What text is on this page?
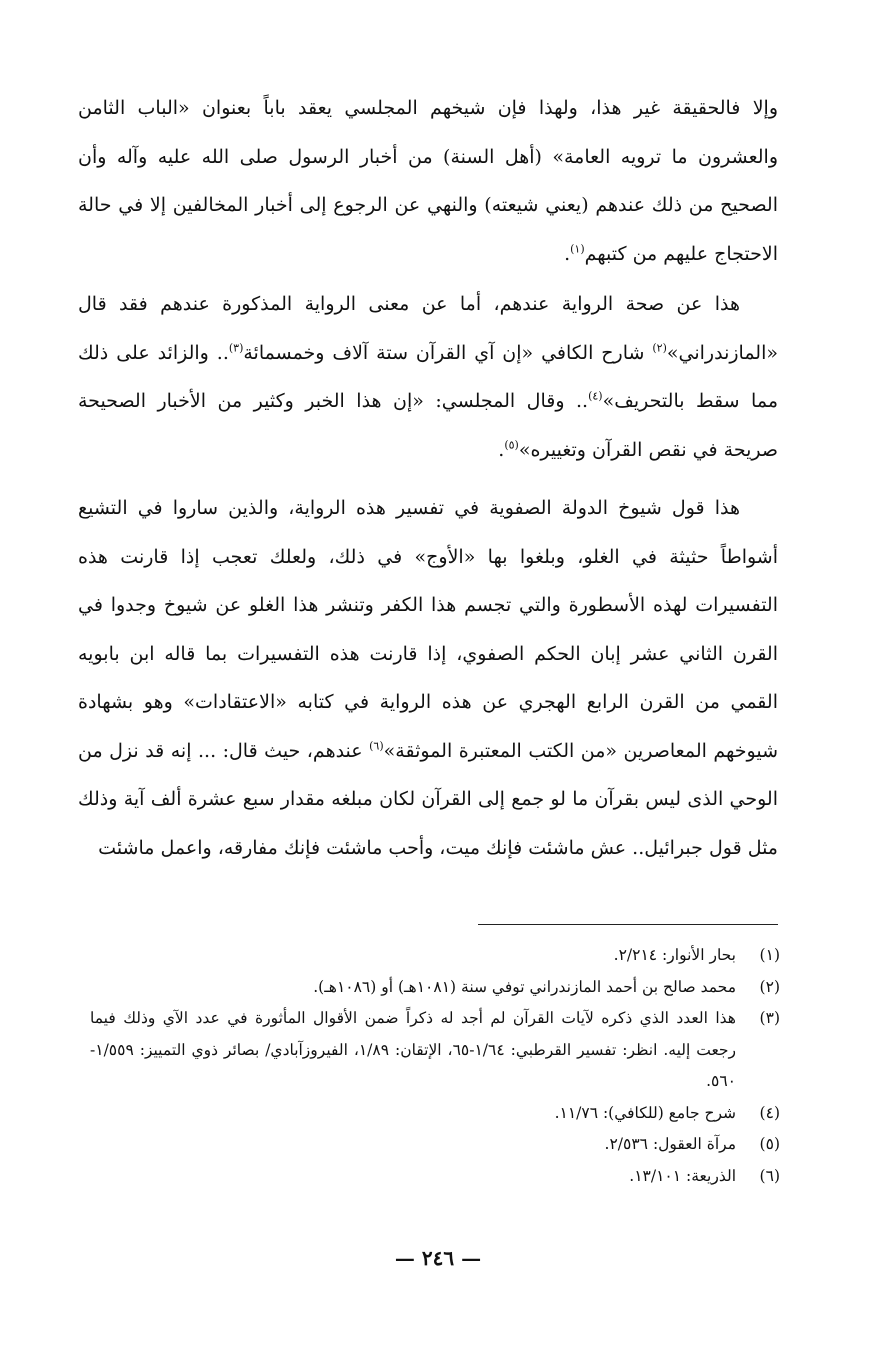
وإلا فالحقيقة غير هذا، ولهذا فإن شيخهم المجلسي يعقد باباً بعنوان «الباب الثامن والعشرون ما ترويه العامة» (أهل السنة) من أخبار الرسول صلى الله عليه وآله وأن الصحيح من ذلك عندهم (يعني شيعته) والنهي عن الرجوع إلى أخبار المخالفين إلا في حالة الاحتجاج عليهم من كتبهم$^{(١)}$.

هذا عن صحة الرواية عندهم، أما عن معنى الرواية المذكورة عندهم فقد قال «المازندراني»$^{(٢)}$ شارح الكافي «إن آي القرآن ستة آلاف وخمسمائة$^{(٣)}$.. والزائد على ذلك مما سقط بالتحريف»$^{(٤)}$.. وقال المجلسي: «إن هذا الخبر وكثير من الأخبار الصحيحة صريحة في نقص القرآن وتغييره»$^{(٥)}$.

هذا قول شيوخ الدولة الصفوية في تفسير هذه الرواية، والذين ساروا في التشيع أشواطاً حثيثة في الغلو، وبلغوا بها «الأوج» في ذلك، ولعلك تعجب إذا قارنت هذه التفسيرات لهذه الأسطورة والتي تجسم هذا الكفر وتنشر هذا الغلو عن شيوخ وجدوا في القرن الثاني عشر إبان الحكم الصفوي، إذا قارنت هذه التفسيرات بما قاله ابن بابويه القمي من القرن الرابع الهجري عن هذه الرواية في كتابه «الاعتقادات» وهو بشهادة شيوخهم المعاصرين «من الكتب المعتبرة الموثقة»$^{(٦)}$ عندهم، حيث قال: ... إنه قد نزل من الوحي الذى ليس بقرآن ما لو جمع إلى القرآن لكان مبلغه مقدار سبع عشرة ألف آية وذلك مثل قول جبرائيل.. عش ماشئت فإنك ميت، وأحب ماشئت فإنك مفارقه، واعمل ماشئت

(١)
بحار الأنوار: ٢/٢١٤.
(٢)
محمد صالح بن أحمد المازندراني توفي سنة (١٠٨١هـ) أو (١٠٨٦هـ).
(٣)
هذا العدد الذي ذكره لآيات القرآن لم أجد له ذكراً ضمن الأقوال المأثورة في عدد الآي وذلك فيما رجعت إليه. انظر: تفسير القرطبي: ١/٦٤-٦٥، الإتقان: ١/٨٩، الفيروزآبادي/ بصائر ذوي التمييز: ١/٥٥٩- ٥٦٠.
(٤)
شرح جامع (للكافي): ١١/٧٦.
(٥)
مرآة العقول: ٢/٥٣٦.
(٦)
الذريعة: ١٣/١٠١.
— ٢٤٦ —
